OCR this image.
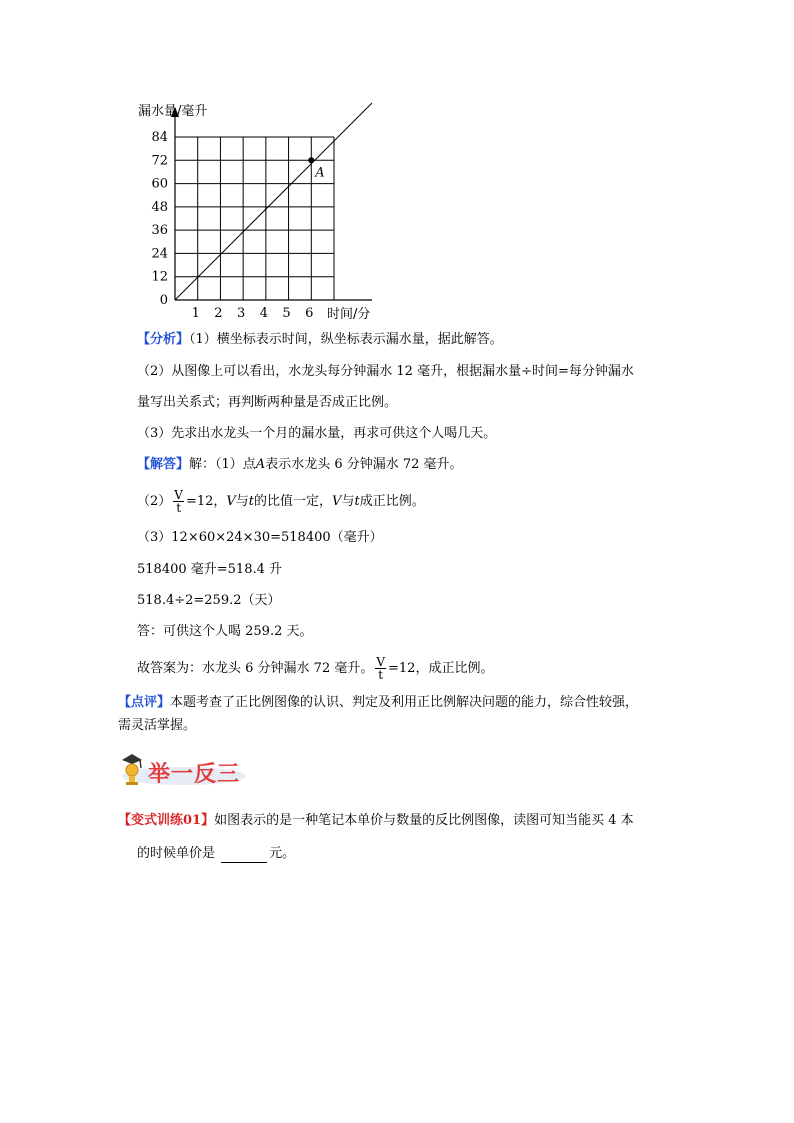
1 2 3 4 5 6
0
12
24
36
48
60
72
84
A
漏水量/毫升
时间/分
【分析】（1）横坐标表示时间，纵坐标表示漏水量，据此解答。
（2）从图像上可以看出，水龙头每分钟漏水 12 毫升，根据漏水量÷时间=每分钟漏水
量写出关系式；再判断两种量是否成正比例。
（3）先求出水龙头一个月的漏水量，再求可供这个人喝几天。
【解答】解：（1）点A表示水龙头 6 分钟漏水 72 毫升。
$(2) \frac{V}{t} =12$，V与t的比值一定，V与t成正比例。
（3）12×60×24×30=518400（毫升）
518400 毫升=518.4 升
518.4÷2=259.2（天）
答：可供这个人喝 259.2 天。
故答案为：水龙头 6 分钟漏水 72 毫升。 $\frac{V}{t} =12$，成正比例。
【点评】本题考查了正比例图像的认识、判定及利用正比例解决问题的能力，综合性较强，
需灵活掌握。
举一反三
【变式训练01】如图表示的是一种笔记本单价与数量的反比例图像，读图可知当能买 4 本
的时候单价是	元。
